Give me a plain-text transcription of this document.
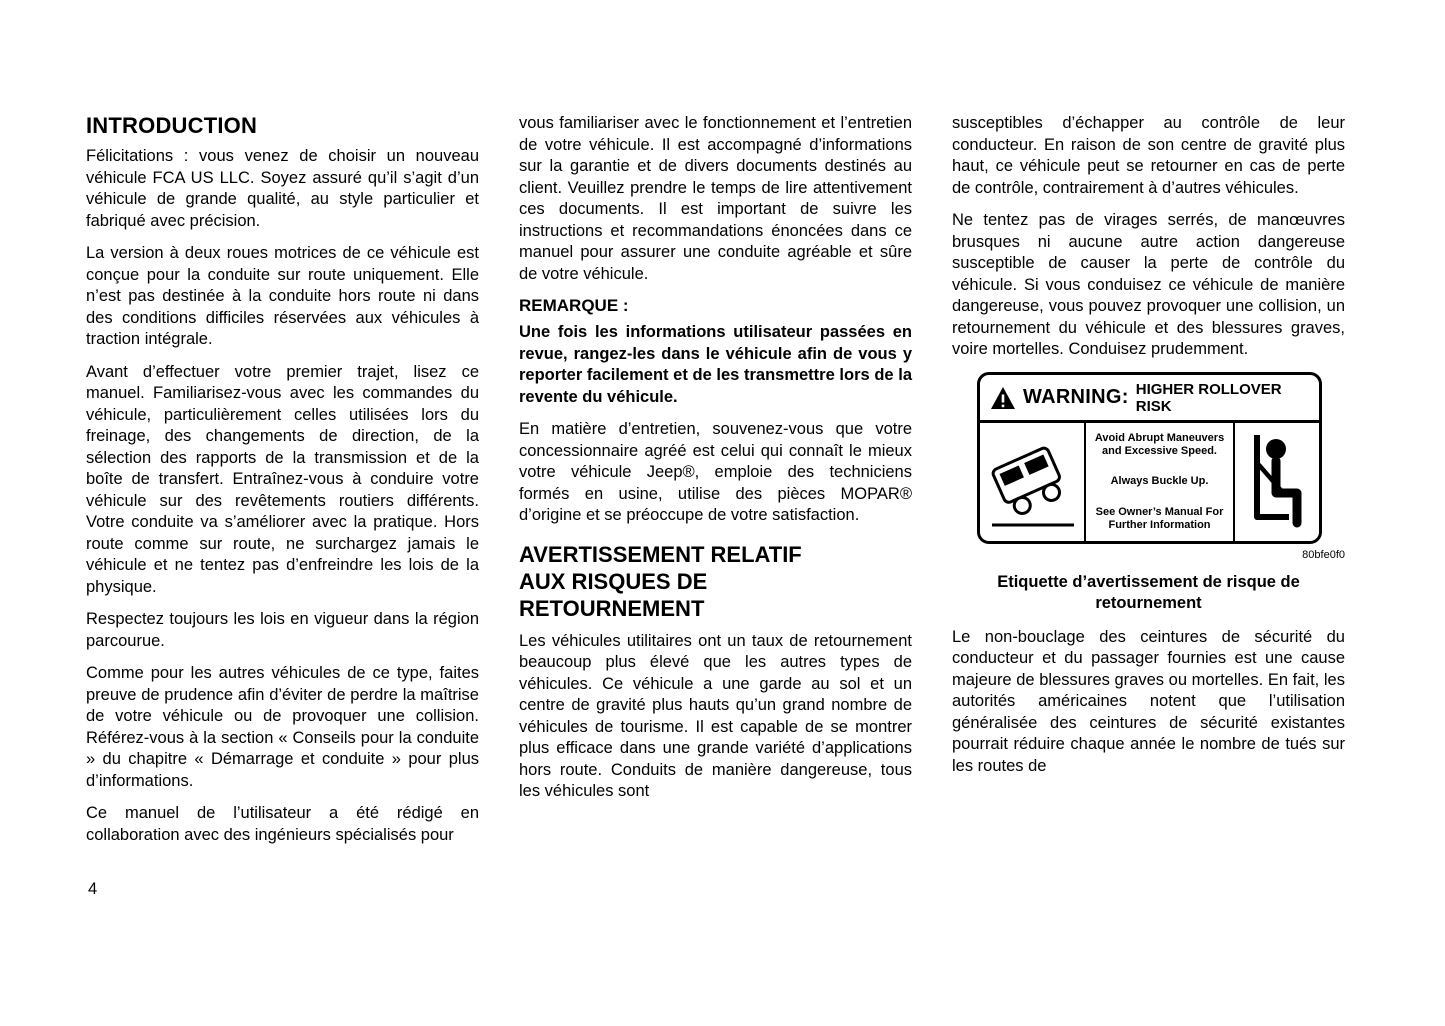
INTRODUCTION

Félicitations : vous venez de choisir un nouveau véhicule FCA US LLC. Soyez assuré qu’il s’agit d’un véhicule de grande qualité, au style particulier et fabriqué avec précision.

La version à deux roues motrices de ce véhicule est conçue pour la conduite sur route uniquement. Elle n’est pas destinée à la conduite hors route ni dans des conditions difficiles réservées aux véhicules à traction intégrale.

Avant d’effectuer votre premier trajet, lisez ce manuel. Familiarisez-vous avec les commandes du véhicule, particulièrement celles utilisées lors du freinage, des changements de direction, de la sélection des rapports de la transmission et de la boîte de transfert. Entraînez-vous à conduire votre véhicule sur des revêtements routiers différents. Votre conduite va s’améliorer avec la pratique. Hors route comme sur route, ne surchargez jamais le véhicule et ne tentez pas d’enfreindre les lois de la physique.

Respectez toujours les lois en vigueur dans la région parcourue.

Comme pour les autres véhicules de ce type, faites preuve de prudence afin d’éviter de perdre la maîtrise de votre véhicule ou de provoquer une collision. Référez-vous à la section « Conseils pour la conduite » du chapitre « Démarrage et conduite » pour plus d’informations.

Ce manuel de l’utilisateur a été rédigé en collaboration avec des ingénieurs spécialisés pour

vous familiariser avec le fonctionnement et l’entretien de votre véhicule. Il est accompagné d’informations sur la garantie et de divers documents destinés au client. Veuillez prendre le temps de lire attentivement ces documents. Il est important de suivre les instructions et recommandations énoncées dans ce manuel pour assurer une conduite agréable et sûre de votre véhicule.

REMARQUE :

Une fois les informations utilisateur passées en revue, rangez-les dans le véhicule afin de vous y reporter facilement et de les transmettre lors de la revente du véhicule.

En matière d’entretien, souvenez-vous que votre concessionnaire agréé est celui qui connaît le mieux votre véhicule Jeep®, emploie des techniciens formés en usine, utilise des pièces MOPAR® d’origine et se préoccupe de votre satisfaction.

AVERTISSEMENT RELATIF
AUX RISQUES DE
RETOURNEMENT

Les véhicules utilitaires ont un taux de retournement beaucoup plus élevé que les autres types de véhicules. Ce véhicule a une garde au sol et un centre de gravité plus hauts qu’un grand nombre de véhicules de tourisme. Il est capable de se montrer plus efficace dans une grande variété d’applications hors route. Conduits de manière dangereuse, tous les véhicules sont

susceptibles d’échapper au contrôle de leur conducteur. En raison de son centre de gravité plus haut, ce véhicule peut se retourner en cas de perte de contrôle, contrairement à d’autres véhicules.

Ne tentez pas de virages serrés, de manœuvres brusques ni aucune autre action dangereuse susceptible de causer la perte de contrôle du véhicule. Si vous conduisez ce véhicule de manière dangereuse, vous pouvez provoquer une collision, un retournement du véhicule et des blessures graves, voire mortelles. Conduisez prudemment.

WARNING: HIGHER ROLLOVER RISK
Avoid Abrupt Maneuvers and Excessive Speed.
Always Buckle Up.
See Owner’s Manual For Further Information
80bfe0f0
Etiquette d’avertissement de risque de retournement

Le non-bouclage des ceintures de sécurité du conducteur et du passager fournies est une cause majeure de blessures graves ou mortelles. En fait, les autorités américaines notent que l’utilisation généralisée des ceintures de sécurité existantes pourrait réduire chaque année le nombre de tués sur les routes de

4
